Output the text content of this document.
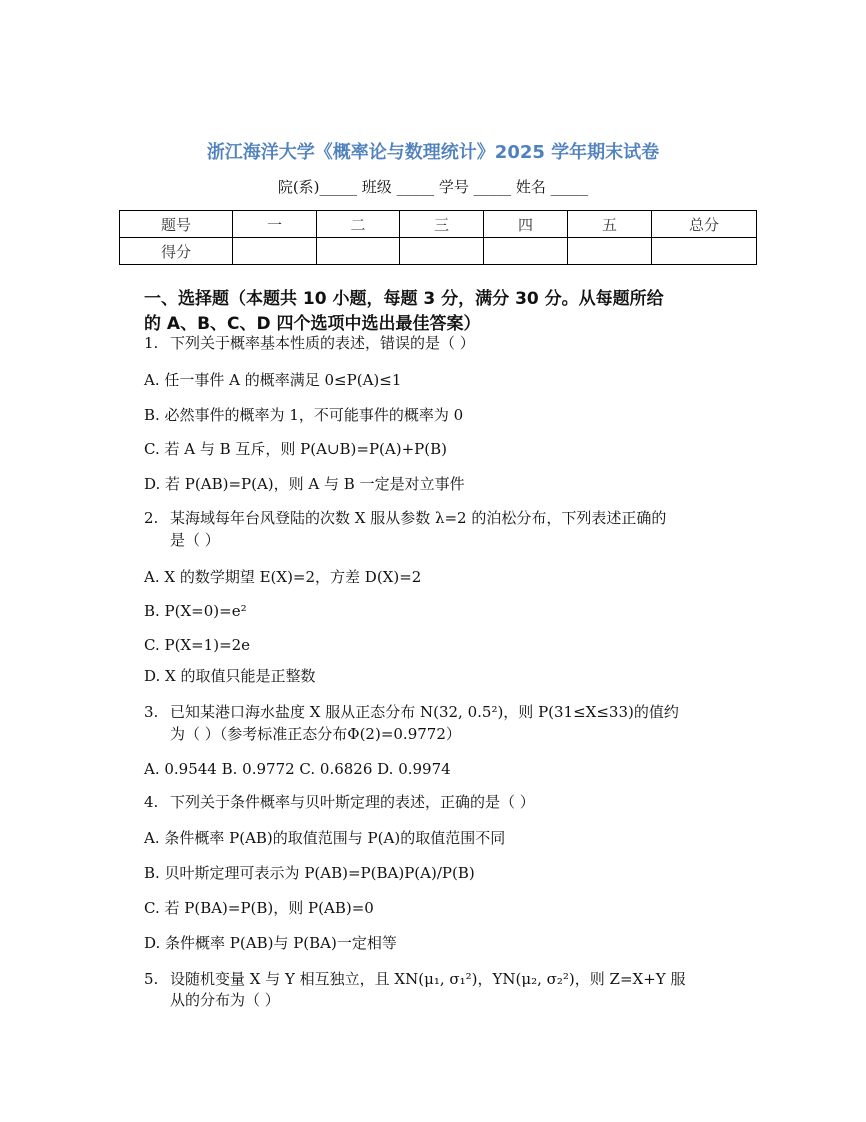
浙江海洋大学《概率论与数理统计》2025 学年期末试卷
院(系)_____ 班级 _____ 学号 _____ 姓名 _____
题号	一	二	三	四	五	总分
得分						
一、选择题（本题共 10 小题，每题 3 分，满分 30 分。从每题所给
的 A、B、C、D 四个选项中选出最佳答案）
1. 下列关于概率基本性质的表述，错误的是（ ）
A. 任一事件 A 的概率满足 0≤P(A)≤1
B. 必然事件的概率为 1，不可能事件的概率为 0
C. 若 A 与 B 互斥，则 P(A∪B)=P(A)+P(B)
D. 若 P(AB)=P(A)，则 A 与 B 一定是对立事件
2. 某海域每年台风登陆的次数 X 服从参数 λ=2 的泊松分布，下列表述正确的
是（ ）
A. X 的数学期望 E(X)=2，方差 D(X)=2
B. P(X=0)=e²
C. P(X=1)=2e
D. X 的取值只能是正整数
3. 已知某港口海水盐度 X 服从正态分布 N(32, 0.5²)，则 P(31≤X≤33)的值约
为（ ）（参考标准正态分布Φ(2)=0.9772）
A. 0.9544 B. 0.9772 C. 0.6826 D. 0.9974
4. 下列关于条件概率与贝叶斯定理的表述，正确的是（ ）
A. 条件概率 P(AB)的取值范围与 P(A)的取值范围不同
B. 贝叶斯定理可表示为 P(AB)=P(BA)P(A)/P(B)
C. 若 P(BA)=P(B)，则 P(AB)=0
D. 条件概率 P(AB)与 P(BA)一定相等
5. 设随机变量 X 与 Y 相互独立，且 XN(μ₁, σ₁²)，YN(μ₂, σ₂²)，则 Z=X+Y 服
从的分布为（ ）
